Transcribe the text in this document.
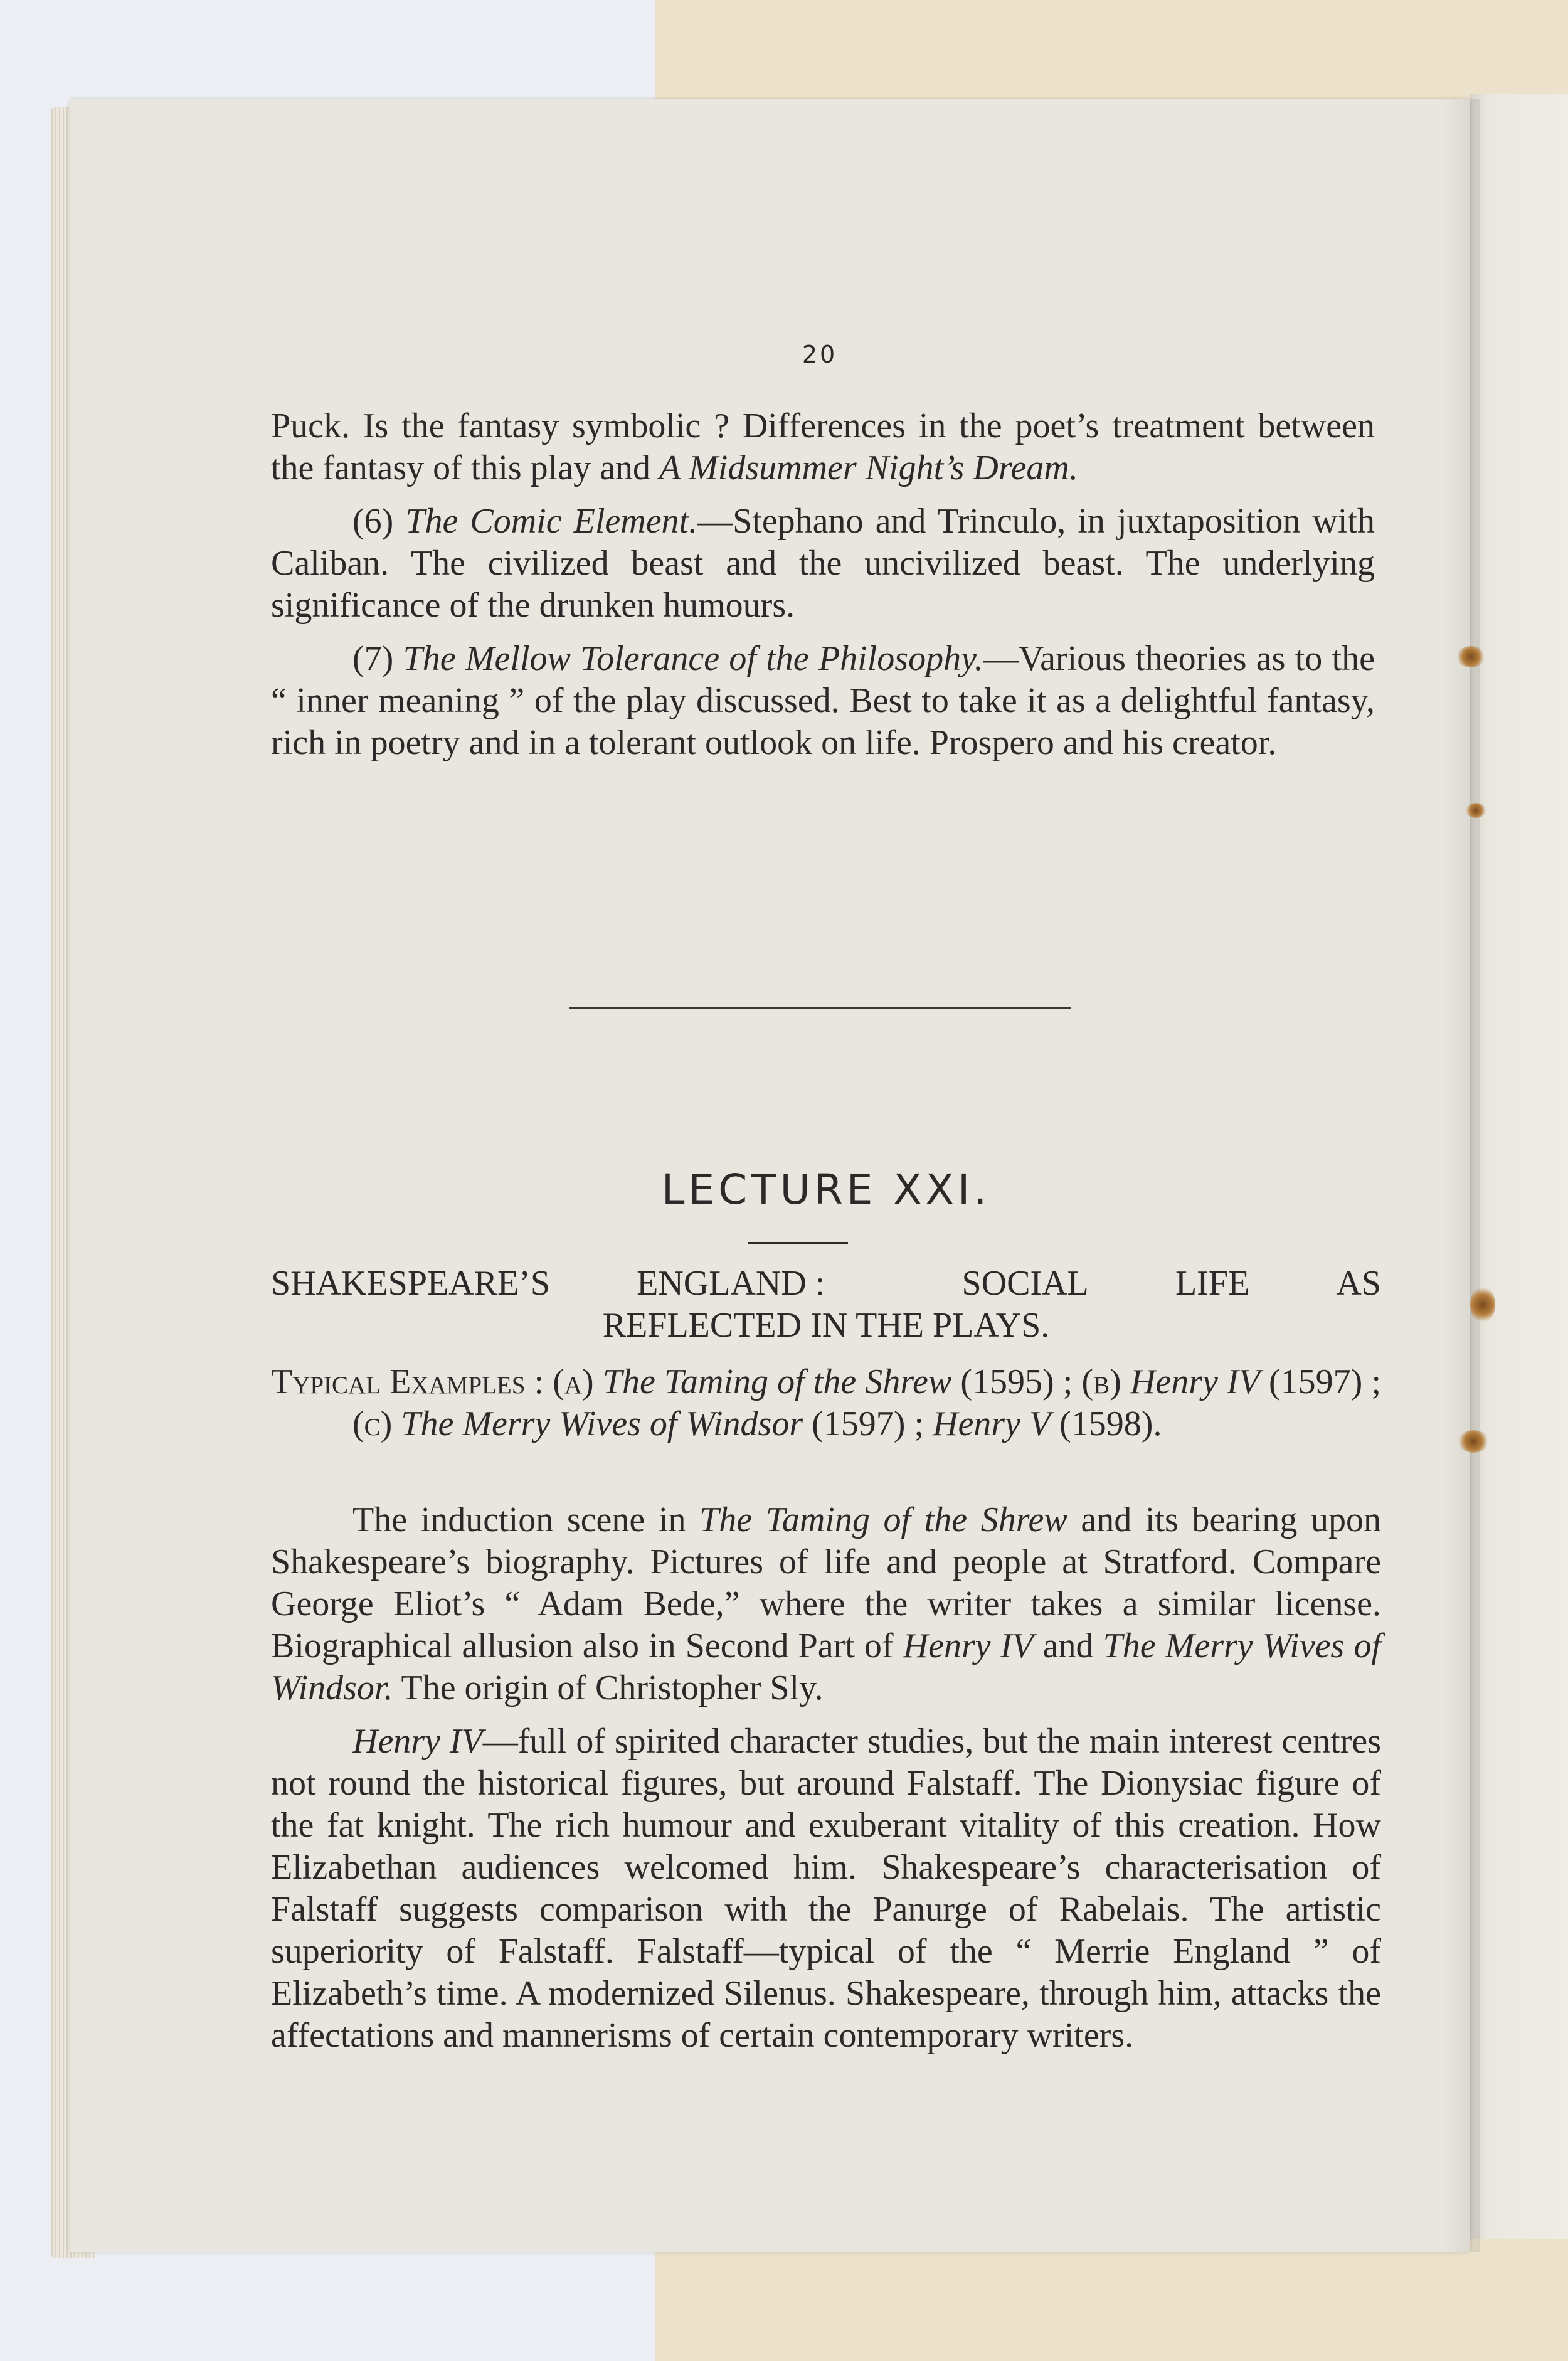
20

Puck. Is the fantasy symbolic ? Differences in the poet’s treatment between the fantasy of this play and A Midsummer Night’s Dream.

(6) The Comic Element.—Stephano and Trinculo, in juxtaposition with Caliban. The civilized beast and the uncivilized beast. The underlying significance of the drunken humours.

(7) The Mellow Tolerance of the Philosophy.—Various theories as to the “ inner meaning ” of the play discussed. Best to take it as a delightful fantasy, rich in poetry and in a tolerant outlook on life. Prospero and his creator.

LECTURE XXI.
SHAKESPEARE’S ENGLAND :	SOCIAL LIFE AS
REFLECTED IN THE PLAYS.

Typical Examples : (a) The Taming of the Shrew (1595) ; (b) Henry IV (1597) ; (c) The Merry Wives of Windsor (1597) ; Henry V (1598).

The induction scene in The Taming of the Shrew and its bearing upon Shakespeare’s biography. Pictures of life and people at Stratford. Compare George Eliot’s “ Adam Bede,” where the writer takes a similar license. Biographical allusion also in Second Part of Henry IV and The Merry Wives of Windsor. The origin of Christopher Sly.

Henry IV—full of spirited character studies, but the main interest centres not round the historical figures, but around Falstaff. The Dionysiac figure of the fat knight. The rich humour and exuberant vitality of this creation. How Elizabethan audiences welcomed him. Shakespeare’s characterisation of Falstaff suggests comparison with the Panurge of Rabelais. The artistic superiority of Falstaff. Falstaff—typical of the “ Merrie England ” of Elizabeth’s time. A modernized Silenus. Shakespeare, through him, attacks the affectations and mannerisms of certain contemporary writers.
